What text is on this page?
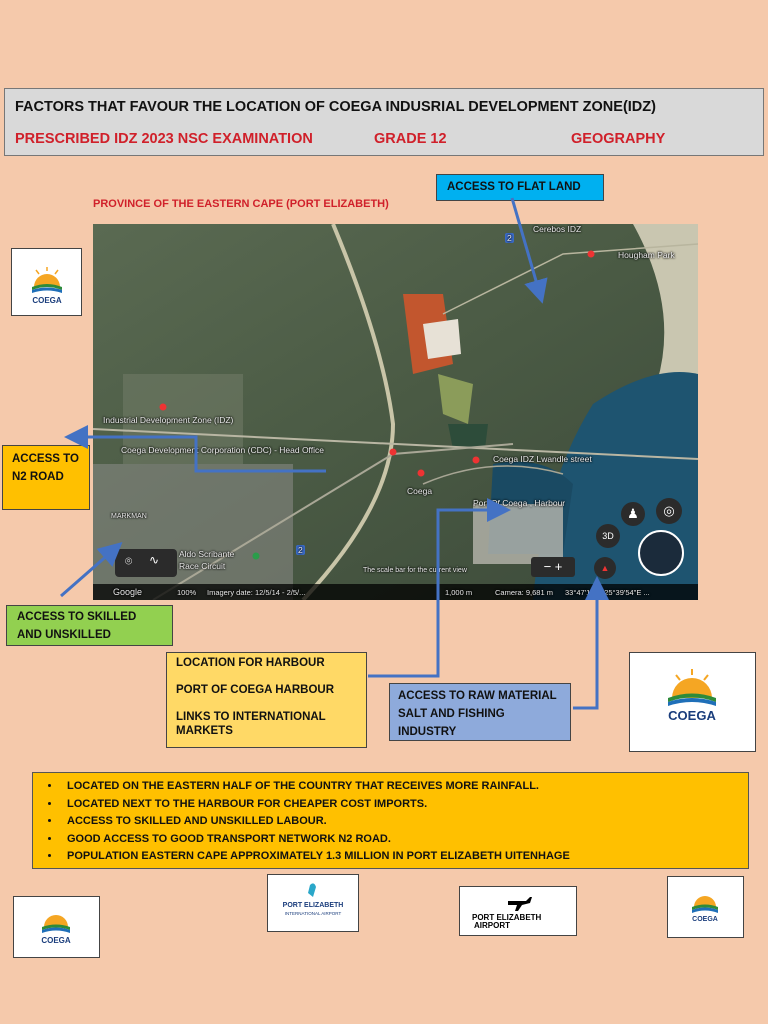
FACTORS THAT FAVOUR THE LOCATION OF COEGA INDUSRIAL DEVELOPMENT ZONE(IDZ)
PRESCRIBED IDZ 2023 NSC EXAMINATION	GRADE 12	GEOGRAPHY
PROVINCE OF THE EASTERN CAPE (PORT ELIZABETH)
Cerebos IDZ
Hougham Park
Industrial Development Zone (IDZ)
Coega Development Corporation (CDC) - Head Office
Coega
Coega IDZ Lwandle street
Port Of Coega , Harbour
MARKMAN
Aldo Scribante
Race Circuit	The scale bar for the current view
2
2
⌾ ∿
♟	◎
3D
− +	▲
Google	100% Imagery date: 12/5/14 - 2/5/...	1,000 m	Camera: 9,681 m 33°47'16"S 25°39'54"E ...
ACCESS TO FLAT LAND
ACCESS TO
N2 ROAD
ACCESS TO SKILLED
AND UNSKILLED
LOCATION FOR HARBOUR
PORT OF COEGA HARBOUR
LINKS TO INTERNATIONAL MARKETS
ACCESS TO RAW MATERIAL
SALT AND FISHING
INDUSTRY
• LOCATED ON THE EASTERN HALF OF THE COUNTRY THAT RECEIVES MORE RAINFALL.
• LOCATED NEXT TO THE HARBOUR FOR CHEAPER COST IMPORTS.
• ACCESS TO SKILLED AND UNSKILLED LABOUR.
• GOOD ACCESS TO GOOD TRANSPORT NETWORK N2 ROAD.
• POPULATION EASTERN CAPE APPROXIMATELY 1.3 MILLION IN PORT ELIZABETH UITENHAGE
COEGA
COEGA
COEGA
COEGA
PORT ELIZABETH
INTERNATIONAL AIRPORT	PORT ELIZABETH
AIRPORT
